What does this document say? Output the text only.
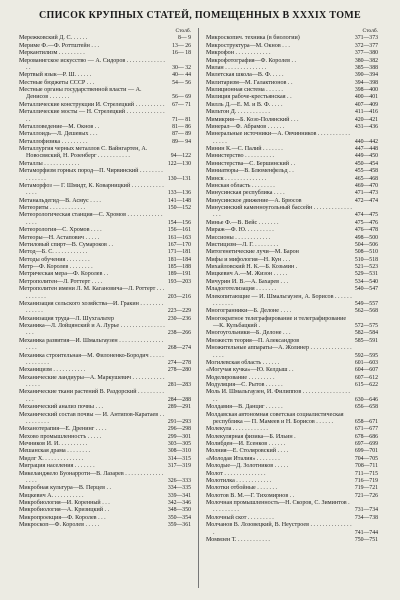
СПИСОК КРУПНЫХ СТАТЕЙ, ПОМЕЩЕННЫХ В XXXIX ТОМЕ
Столб.
Мережковский Д. С. . . . . .	8— 9
Мериме Ф.—Ф. Роттштейн . . .	13— 26
Меркантилизм . . . . . . . . .	16— 18
Мерованнгское искусство — А. Сидоров . . . . . . . . . . . . . . .	30— 32
Мертвый язык—Р. Ш. . . . . .	40— 44
Местные бюджеты СССР . . .	54— 56
Местные органы государственной власти — А. Денисов . . . . . . .	56— 69
Металлические конструкции И. Стрелецкий . . . . . . . . . . 67— 71
Металлические мосты — Н. Стрелецкий . . . . . . . . . . . . . . .	71— 81
Металловедение—М. Окнов . .	81— 86
Металлоидь—Л. Дешевых . . .	87— 89
Металлофизика . . . . . . . . .	89— 94
Металлургия черных металлов С. Вайнгартен, А. Новосвяский, Н. Розенберг . . . . . . . . . . .	94—122
Металлы . . . . . . . . . . . .	122—130
Метаморфизм горных пород—П. Чирвинский . . . . . . . . . . . . . . .	130—131
Метаморфоз — Г. Шмидт, К. Коварницкий . . . . . . . . . . . . . . .	133—136
Метанальдегид—В. Асмус . . . .	141—148
Метеориты . . . . . . . . . . . .	150—152
Метеорологическая станция—С. Хромов . . . . . . . . . . . . . . . .	154—156
Метеорология—С. Хромов . . . .	156—161
Метеоры—Н. Астапович . . . . .	161—163
Метиловый спирт—В. Сумароков . .	167—170
Метод—Б. С. . . . . . . . . . . .	171—181
Методы обучения . . . . . . . .	181—184
Метр—Ф. Королев . . . . . . . .	185—188
Метрическая мера—Ф. Королев . .	189—191
Метрополитен—Л. Роттерт . . . .	193—203
Метрополитен имени Л. М. Кагановича—Л. Роттерт . . . . . . . . . .	203—216
Механизация сельского хозяйства—И. Гракин . . . . . . . . . . . . . .	223—229
Механизация труда—Л. Шухгальтер	230—236
Механика—Л. Лойцянский и А. Лурье . . . . . . . . . . . . . . . . . .	238—266
Механика развития—И. Шмальгаузен . . . . . . . . . . . . . . . . . . .	268—274
Механика строительная—М. Филоненко-Бородич . . . . . . . . . . . . .	274—278
Механицизм . . . . . . . . . . .	278—280
Механические ландиуры—А. Маркушевич . . . . . . . . . . . . . . . .	281—283
Механические ткани растений В. Раздорский . . . . . . . . . . . .	284—288
Механический анализ почвы . . .	289—291
Механический состав почвы — И. Антипов-Каратаев . . . . . . . . . .	291—293
Механотерапия—Е. Дренинг . . . .	296—298
Мехово промышленностъ . . . . .	299—301
Мечников И. И. . . . . . . . . .	303—305
Мешанская драма . . . . . . . .	308—310
Мидлг Х. . . . . . . . . . . . . .	314—315
Миграция населения . . . . . . .	317—319
Микеланджело Буонарроти—В. Лазарев . . . . . . . . . . . . . . . . .	326—333
Микробная культура—В. Перцев . .	334—335
Мицкевич А. . . . . . . . . . .	339—341
Микробиология—И. Коренный . . .	342—346
Микробиология—А. Кризицкий . .	348—350
Микропроекция—Ф. Королев . . .	350—354
Микроскоп—Ф. Королев . . . . .	359—361
Столб.
Микроскопич. техника (в биологии)	371—373
Микроструктура—М. Окнов . . .	372—377
Микрофон . . . . . . . . . . . .	377—380
Микрофотография—Ф. Королев . .	380—382
Милан . . . . . . . . . . . . . .	385—388
Милетская школа—В. Ф. . . . .	390—394
Милитаризм—М. Галактионов . .	394—398
Милиционная система . . . . . .	398—400
Милиция рабоче-крестьянская . .	400—401
Милль Д.—Е. М. и В. Ф. . . . .	407—409
Мильтон Д. . . . . . . . . . . .	411—416
Мимикрия—Б. Козо-Полянский . . .	420—421
Минерал—Ф. Абрамов . . . . . .	431—436
Минеральные источники—А. Овчинников . . . . . . . . . . . . . . . .	440—442
Минин К.—С. Палий . . . . . . .	447—448
Министерство . . . . . . . . . .	449—450
Министерства—С. Бершинский . .	450—454
Миниатюры—В. Блюменфельд . .	455—458
Минск . . . . . . . . . . . . . .	465—468
Минская область . . . . . . . .	469—470
Минусинская республика . . . .	471—473
Минусинское движение—А. Брюсов	472—474
Минусинский каменноугольный бассейн . . . . . . . . . . . . . . . .	474—475
Минье Ф.—В. Вейс . . . . . . .	475—476
Мираж—Ф. Ю. . . . . . . . . .	476—478
Миссионы . . . . . . . . . . . .	498—500
Мистицизм—Л. Г. . . . . . . . .	504—506
Митогенетические лучи—М. Барон	508—510
Мифы и мифология—Н. Кун . . .	510—518
Михайловский Н. К.—Б. Козьмин .	521—523
Мицкевич А.—М. Жизон . . . . .	529—531
Мичурин И. В.—А. Бахарев . . .	534—540
Младоготелизация . . . . . . .	540—547
Млекопитающие — И. Шмальгаузен, А. Борисов . . . . . . . . . . . . .	549—557
Многогранники—Б. Делоне . . . .	562—568
Многократное телеграфирование и телеграфирование—К. Кульбацкий .	572—575
Многоугольники—Б. Делоне . . .	582—584
Множеств теория—П. Александров	585—591
Множительные аппараты—А. Жолинер . . . . . . . . . . . . . . . . . .	592—595
Могилевская область . . . . . .	601—603
«Могучая кучка»—Ю. Келдыш . .	604—607
Моделирование . . . . . . . . .	607—612
Модуляция—С. Рытов . . . . . .	615—622
Моль И. Шмальгаузен, И. Филиппов . . . . . . . . . . . . . . . . . .	630—646
Молдавия—В. Данциг . . . . . .	656—658
Молдавская автономная советская социалистическая республика — П. Мамеев и Н. Борисов . . . . . .	658—671
Молекула . . . . . . . . . . . .	671—677
Молекулярная физика—Б. Ильин .	678—686
Молибден—И. Есенков . . . . . .	697—699
Молния—Е. Столяровский . . . .	699—701
«Молодая Италия» . . . . . . . .	704—705
Молодые—Д. Золотников . . . . .	708—711
Молот . . . . . . . . . . . . . .	711—715
Молотилка . . . . . . . . . . . .	716—719
Молотки отбойные . . . . . . .	719—721
Молотов В. М.—Г. Тихомирнов . .	721—726
Молочная промышленность—Н. Скоров, С. Зиминтов . . . . . . . . . .	731—734
Молочный скот . . . . . . . . .	734—738
Молчанов В. Лозовецкий, В. Неустроев . . . . . . . . . . . . . . .	741—744
Моммзен Т. . . . . . . . . . . .	750—751
